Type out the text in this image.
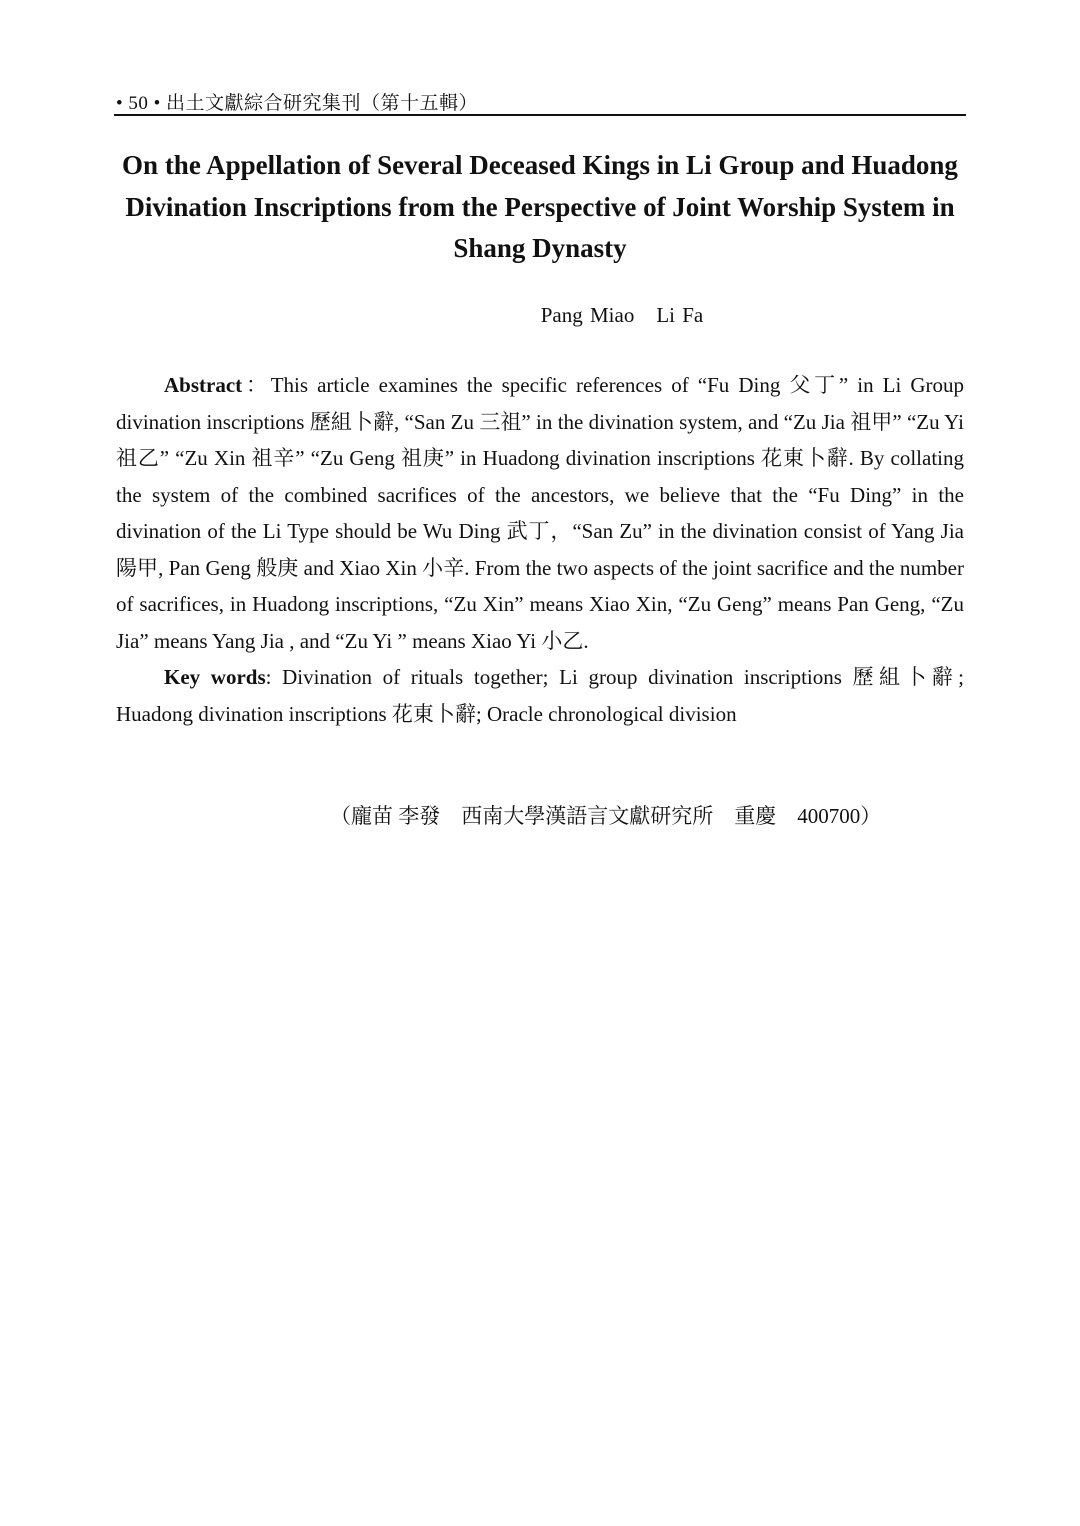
• 50 • 出土文獻綜合研究集刊（第十五輯）
On the Appellation of Several Deceased Kings in Li Group and Huadong Divination Inscriptions from the Perspective of Joint Worship System in Shang Dynasty
Pang Miao Li Fa

Abstract：This article examines the specific references of “Fu Ding 父丁” in Li Group divination inscriptions 歷組卜辭, “San Zu 三祖” in the divination system, and “Zu Jia 祖甲” “Zu Yi 祖乙” “Zu Xin 祖辛” “Zu Geng 祖庚” in Huadong divination inscriptions 花東卜辭. By collating the system of the combined sacrifices of the ancestors, we believe that the “Fu Ding” in the divination of the Li Type should be Wu Ding 武丁，“San Zu” in the divination consist of Yang Jia 陽甲, Pan Geng 般庚 and Xiao Xin 小辛. From the two aspects of the joint sacrifice and the number of sacrifices, in Huadong inscriptions, “Zu Xin” means Xiao Xin, “Zu Geng” means Pan Geng, “Zu Jia” means Yang Jia , and “Zu Yi ” means Xiao Yi 小乙.

Key words: Divination of rituals together; Li group divination inscriptions 歷組卜辭; Huadong divination inscriptions 花東卜辭; Oracle chronological division

（龐苗 李發　西南大學漢語言文獻研究所　重慶　400700）
